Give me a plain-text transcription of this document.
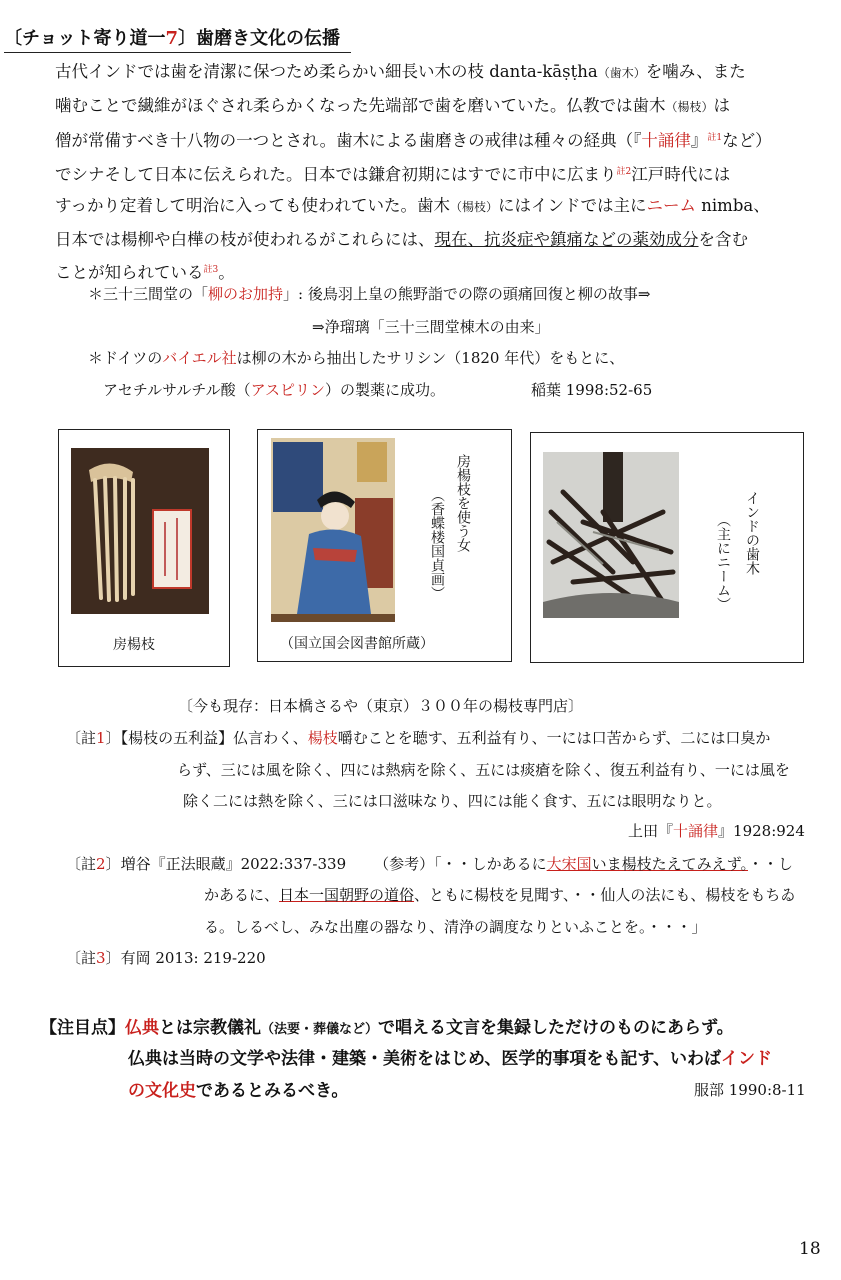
〔チョット寄り道一7〕歯磨き文化の伝播

古代インドでは歯を清潔に保つため柔らかい細長い木の枝 danta-kāṣṭha（歯木）を噛み、また

噛むことで繊維がほぐされ柔らかくなった先端部で歯を磨いていた。仏教では歯木（楊枝）は

僧が常備すべき十八物の一つとされ。歯木による歯磨きの戒律は種々の経典（『十誦律』$^{註1}$など）

でシナそして日本に伝えられた。日本では鎌倉初期にはすでに市中に広まり$^{註2}$江戸時代には

すっかり定着して明治に入っても使われていた。歯木（楊枝）にはインドでは主にニーム nimba、

日本では楊柳や白樺の枝が使われるがこれらには、現在、抗炎症や鎮痛などの薬効成分を含む

ことが知られている$^{註3}$。

＊三十三間堂の「柳のお加持」: 後鳥羽上皇の熊野詣での際の頭痛回復と柳の故事⇒
⇒浄瑠璃「三十三間堂棟木の由来」
＊ドイツのバイエル社は柳の木から抽出したサリシン（1820 年代）をもとに、
アセチルサルチル酸（アスピリン）の製薬に成功。	稲葉 1998:52-65
房楊枝
房楊枝を使う女
（香蝶楼国貞画）
（国立国会図書館所蔵）
インドの歯木
（主にニーム）
〔今も現存：日本橋さるや（東京）３００年の楊枝専門店〕
〔註1〕【楊枝の五利益】仏言わく、楊枝嚼むことを聴す、五利益有り、一には口苦からず、二には口臭か
らず、三には風を除く、四には熱病を除く、五には痰瘡を除く、復五利益有り、一には風を
除く二には熱を除く、三には口滋味なり、四には能く食す、五には眼明なりと。
上田『十誦律』1928:924
〔註2〕増谷『正法眼蔵』2022:337-339 （参考）「・・しかあるに大宋国いま楊枝たえてみえず。・・し
かあるに、日本一国朝野の道俗、ともに楊枝を見聞す、・・仙人の法にも、楊枝をもちゐ
る。しるべし、みな出塵の器なり、清浄の調度なりといふことを。・・・」
〔註3〕有岡 2013: 219-220
【注目点】仏典とは宗教儀礼（法要・葬儀など）で唱える文言を集録しただけのものにあらず。
仏典は当時の文学や法律・建築・美術をはじめ、医学的事項をも記す、いわばインド
の文化史であるとみるべき。	服部 1990:8-11
18
